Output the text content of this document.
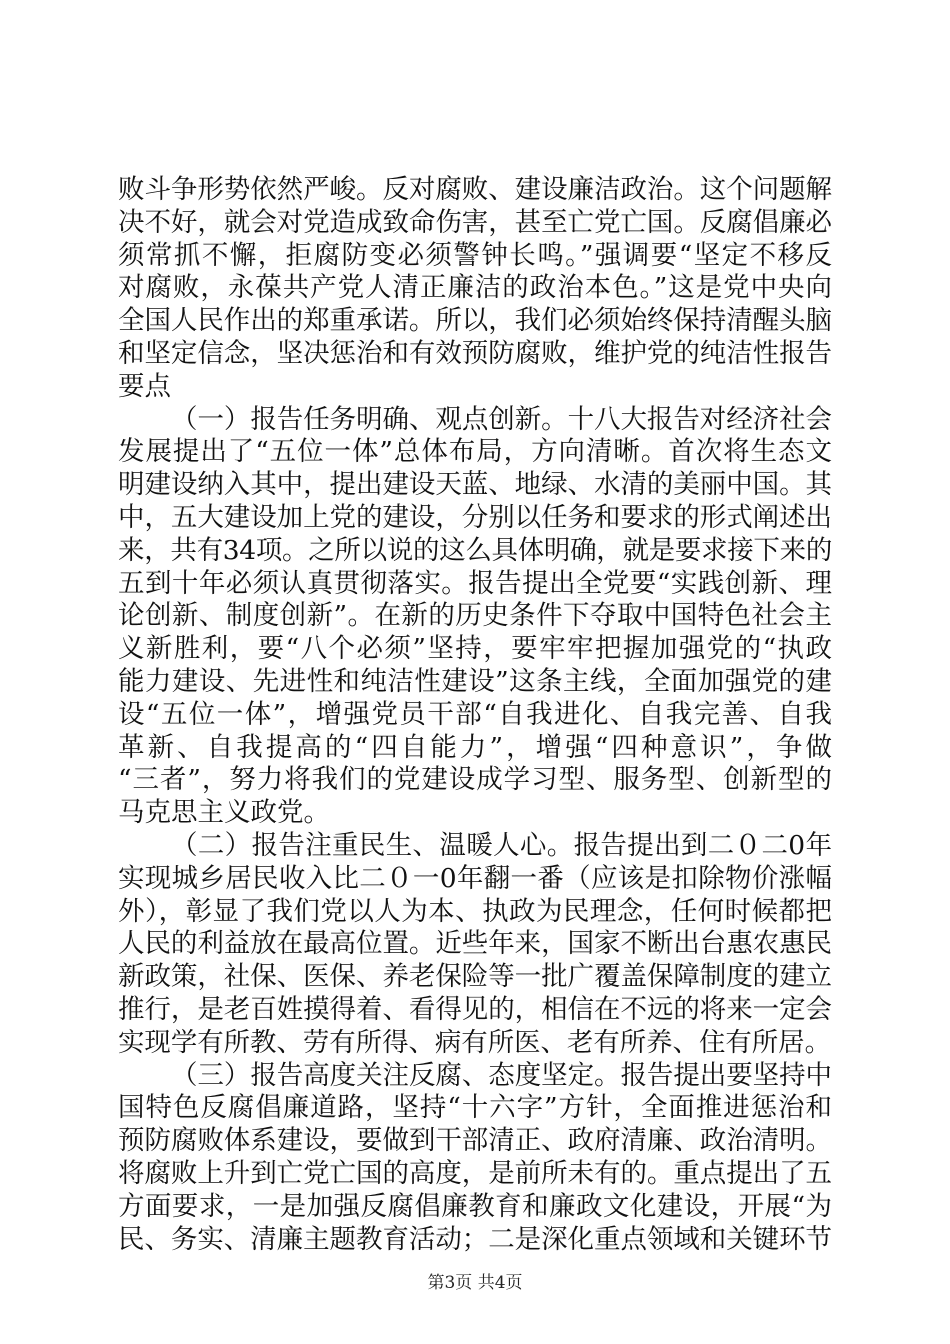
败斗争形势依然严峻。反对腐败、建设廉洁政治。这个问题解
决不好，就会对党造成致命伤害，甚至亡党亡国。反腐倡廉必
须常抓不懈，拒腐防变必须警钟长鸣。”强调要“坚定不移反
对腐败，永葆共产党人清正廉洁的政治本色。”这是党中央向
全国人民作出的郑重承诺。所以，我们必须始终保持清醒头脑
和坚定信念，坚决惩治和有效预防腐败，维护党的纯洁性报告
要点
（一）报告任务明确、观点创新。十八大报告对经济社会
发展提出了“五位一体”总体布局，方向清晰。首次将生态文
明建设纳入其中，提出建设天蓝、地绿、水清的美丽中国。其
中，五大建设加上党的建设，分别以任务和要求的形式阐述出
来，共有34项。之所以说的这么具体明确，就是要求接下来的
五到十年必须认真贯彻落实。报告提出全党要“实践创新、理
论创新、制度创新”。在新的历史条件下夺取中国特色社会主
义新胜利，要“八个必须”坚持，要牢牢把握加强党的“执政
能力建设、先进性和纯洁性建设”这条主线，全面加强党的建
设“五位一体”，增强党员干部“自我进化、自我完善、自我
革新、自我提高的“四自能力”，增强“四种意识”，争做
“三者”，努力将我们的党建设成学习型、服务型、创新型的
马克思主义政党。
（二）报告注重民生、温暖人心。报告提出到二０二0年
实现城乡居民收入比二０一0年翻一番（应该是扣除物价涨幅
外），彰显了我们党以人为本、执政为民理念，任何时候都把
人民的利益放在最高位置。近些年来，国家不断出台惠农惠民
新政策，社保、医保、养老保险等一批广覆盖保障制度的建立
推行，是老百姓摸得着、看得见的，相信在不远的将来一定会
实现学有所教、劳有所得、病有所医、老有所养、住有所居。
（三）报告高度关注反腐、态度坚定。报告提出要坚持中
国特色反腐倡廉道路，坚持“十六字”方针，全面推进惩治和
预防腐败体系建设，要做到干部清正、政府清廉、政治清明。
将腐败上升到亡党亡国的高度，是前所未有的。重点提出了五
方面要求，一是加强反腐倡廉教育和廉政文化建设，开展“为
民、务实、清廉主题教育活动；二是深化重点领域和关键环节
第3页 共4页
